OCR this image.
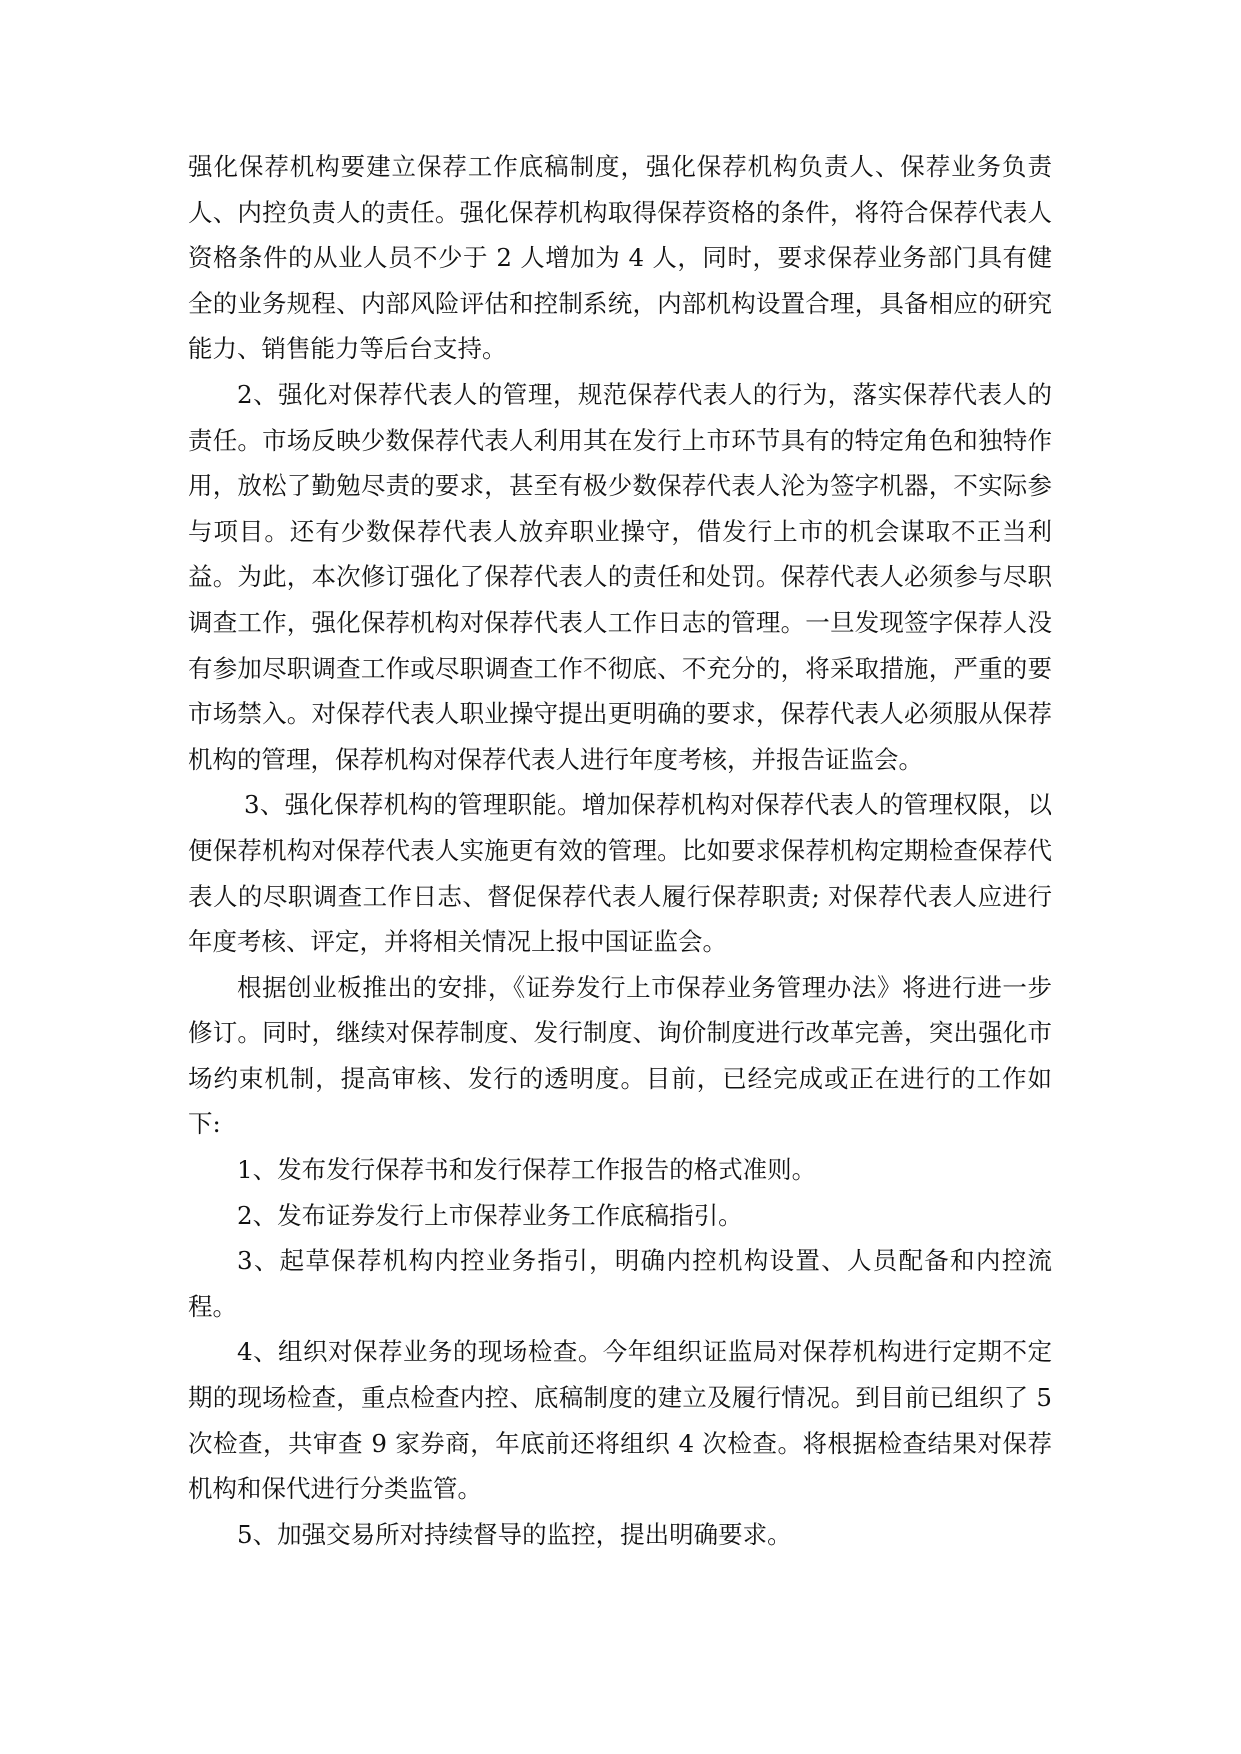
强化保荐机构要建立保荐工作底稿制度，强化保荐机构负责人、保荐业务负责人、内控负责人的责任。强化保荐机构取得保荐资格的条件，将符合保荐代表人资格条件的从业人员不少于 2 人增加为 4 人，同时，要求保荐业务部门具有健全的业务规程、内部风险评估和控制系统，内部机构设置合理，具备相应的研究能力、销售能力等后台支持。

2、强化对保荐代表人的管理，规范保荐代表人的行为，落实保荐代表人的责任。市场反映少数保荐代表人利用其在发行上市环节具有的特定角色和独特作用，放松了勤勉尽责的要求，甚至有极少数保荐代表人沦为签字机器，不实际参与项目。还有少数保荐代表人放弃职业操守，借发行上市的机会谋取不正当利益。为此，本次修订强化了保荐代表人的责任和处罚。保荐代表人必须参与尽职调查工作，强化保荐机构对保荐代表人工作日志的管理。一旦发现签字保荐人没有参加尽职调查工作或尽职调查工作不彻底、不充分的，将采取措施，严重的要市场禁入。对保荐代表人职业操守提出更明确的要求，保荐代表人必须服从保荐机构的管理，保荐机构对保荐代表人进行年度考核，并报告证监会。

3、强化保荐机构的管理职能。增加保荐机构对保荐代表人的管理权限，以便保荐机构对保荐代表人实施更有效的管理。比如要求保荐机构定期检查保荐代表人的尽职调查工作日志、督促保荐代表人履行保荐职责; 对保荐代表人应进行年度考核、评定，并将相关情况上报中国证监会。

根据创业板推出的安排，《证券发行上市保荐业务管理办法》将进行进一步修订。同时，继续对保荐制度、发行制度、询价制度进行改革完善，突出强化市场约束机制，提高审核、发行的透明度。目前，已经完成或正在进行的工作如下:

1、发布发行保荐书和发行保荐工作报告的格式准则。

2、发布证券发行上市保荐业务工作底稿指引。

3、起草保荐机构内控业务指引，明确内控机构设置、人员配备和内控流程。

4、组织对保荐业务的现场检查。今年组织证监局对保荐机构进行定期不定期的现场检查，重点检查内控、底稿制度的建立及履行情况。到目前已组织了 5 次检查，共审查 9 家券商，年底前还将组织 4 次检查。将根据检查结果对保荐机构和保代进行分类监管。

5、加强交易所对持续督导的监控，提出明确要求。
